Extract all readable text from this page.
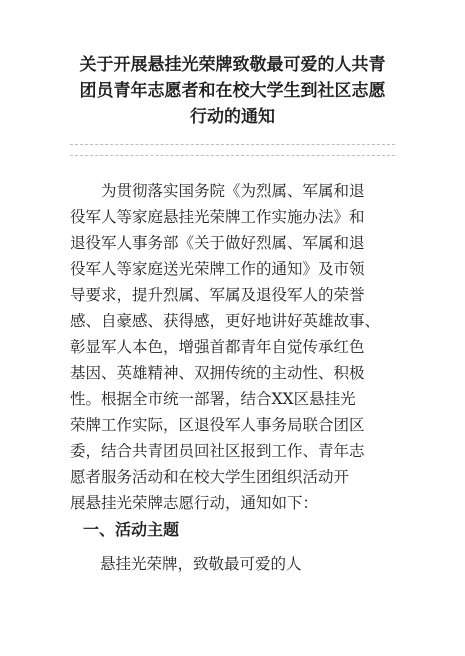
关于开展悬挂光荣牌致敬最可爱的人共青
团员青年志愿者和在校大学生到社区志愿
行动的通知
　　为贯彻落实国务院《为烈属、军属和退
役军人等家庭悬挂光荣牌工作实施办法》和
退役军人事务部《关于做好烈属、军属和退
役军人等家庭送光荣牌工作的通知》及市领
导要求，提升烈属、军属及退役军人的荣誉
感、自豪感、获得感，更好地讲好英雄故事、
彰显军人本色，增强首都青年自觉传承红色
基因、英雄精神、双拥传统的主动性、积极
性。根据全市统一部署，结合XX区悬挂光
荣牌工作实际，区退役军人事务局联合团区
委，结合共青团员回社区报到工作、青年志
愿者服务活动和在校大学生团组织活动开
展悬挂光荣牌志愿行动，通知如下：
一、活动主题
悬挂光荣牌，致敬最可爱的人
